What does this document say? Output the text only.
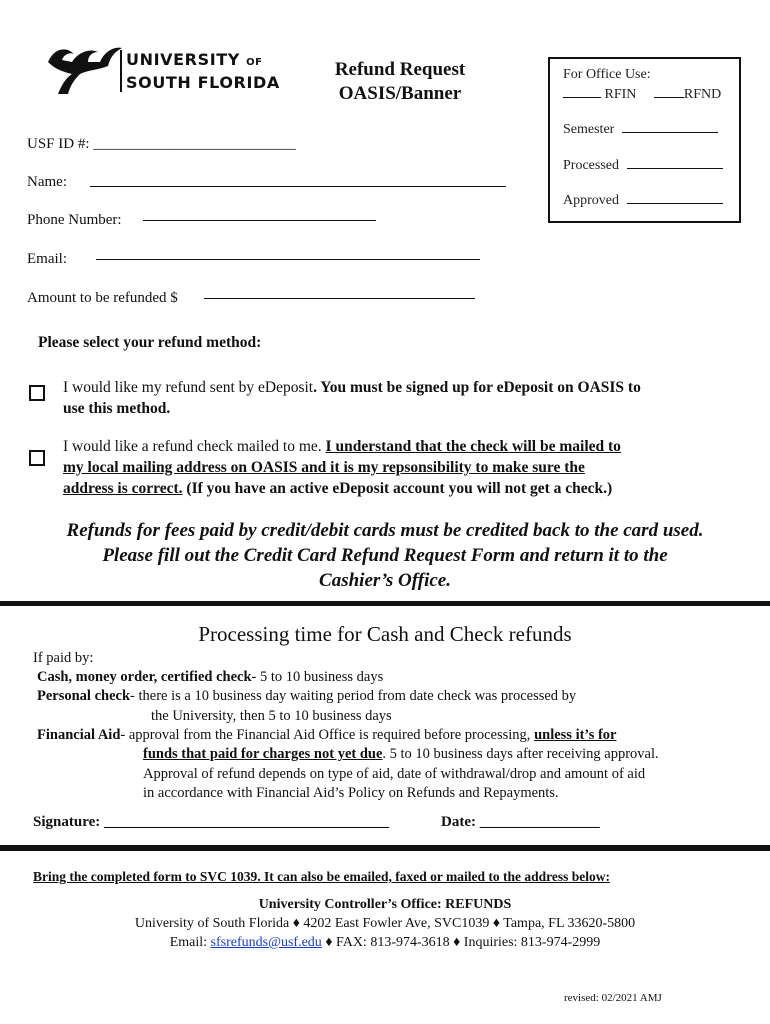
UNIVERSITY OF
SOUTH FLORIDA
Refund Request
OASIS/Banner
For Office Use:
RFIN	RFND
Semester
Processed
Approved
USF ID #: ___________________________
Name:
Phone Number:
Email:
Amount to be refunded $
Please select your refund method:
I would like my refund sent by eDeposit. You must be signed up for eDeposit on OASIS to
use this method.
I would like a refund check mailed to me. I understand that the check will be mailed to
my local mailing address on OASIS and it is my repsonsibility to make sure the
address is correct. (If you have an active eDeposit account you will not get a check.)
Refunds for fees paid by credit/debit cards must be credited back to the card used.
Please fill out the Credit Card Refund Request Form and return it to the
Cashier’s Office.
Processing time for Cash and Check refunds
If paid by:
Cash, money order, certified check- 5 to 10 business days
Personal check- there is a 10 business day waiting period from date check was processed by
the University, then 5 to 10 business days
Financial Aid- approval from the Financial Aid Office is required before processing, unless it’s for
funds that paid for charges not yet due. 5 to 10 business days after receiving approval.
Approval of refund depends on type of aid, date of withdrawal/drop and amount of aid
in accordance with Financial Aid’s Policy on Refunds and Repayments.
Signature: ______________________________________	Date: ________________
Bring the completed form to SVC 1039. It can also be emailed, faxed or mailed to the address below:
University Controller’s Office: REFUNDS
University of South Florida ♦ 4202 East Fowler Ave, SVC1039 ♦ Tampa, FL 33620-5800
Email: sfsrefunds@usf.edu ♦ FAX: 813-974-3618 ♦ Inquiries: 813-974-2999
revised: 02/2021 AMJ
